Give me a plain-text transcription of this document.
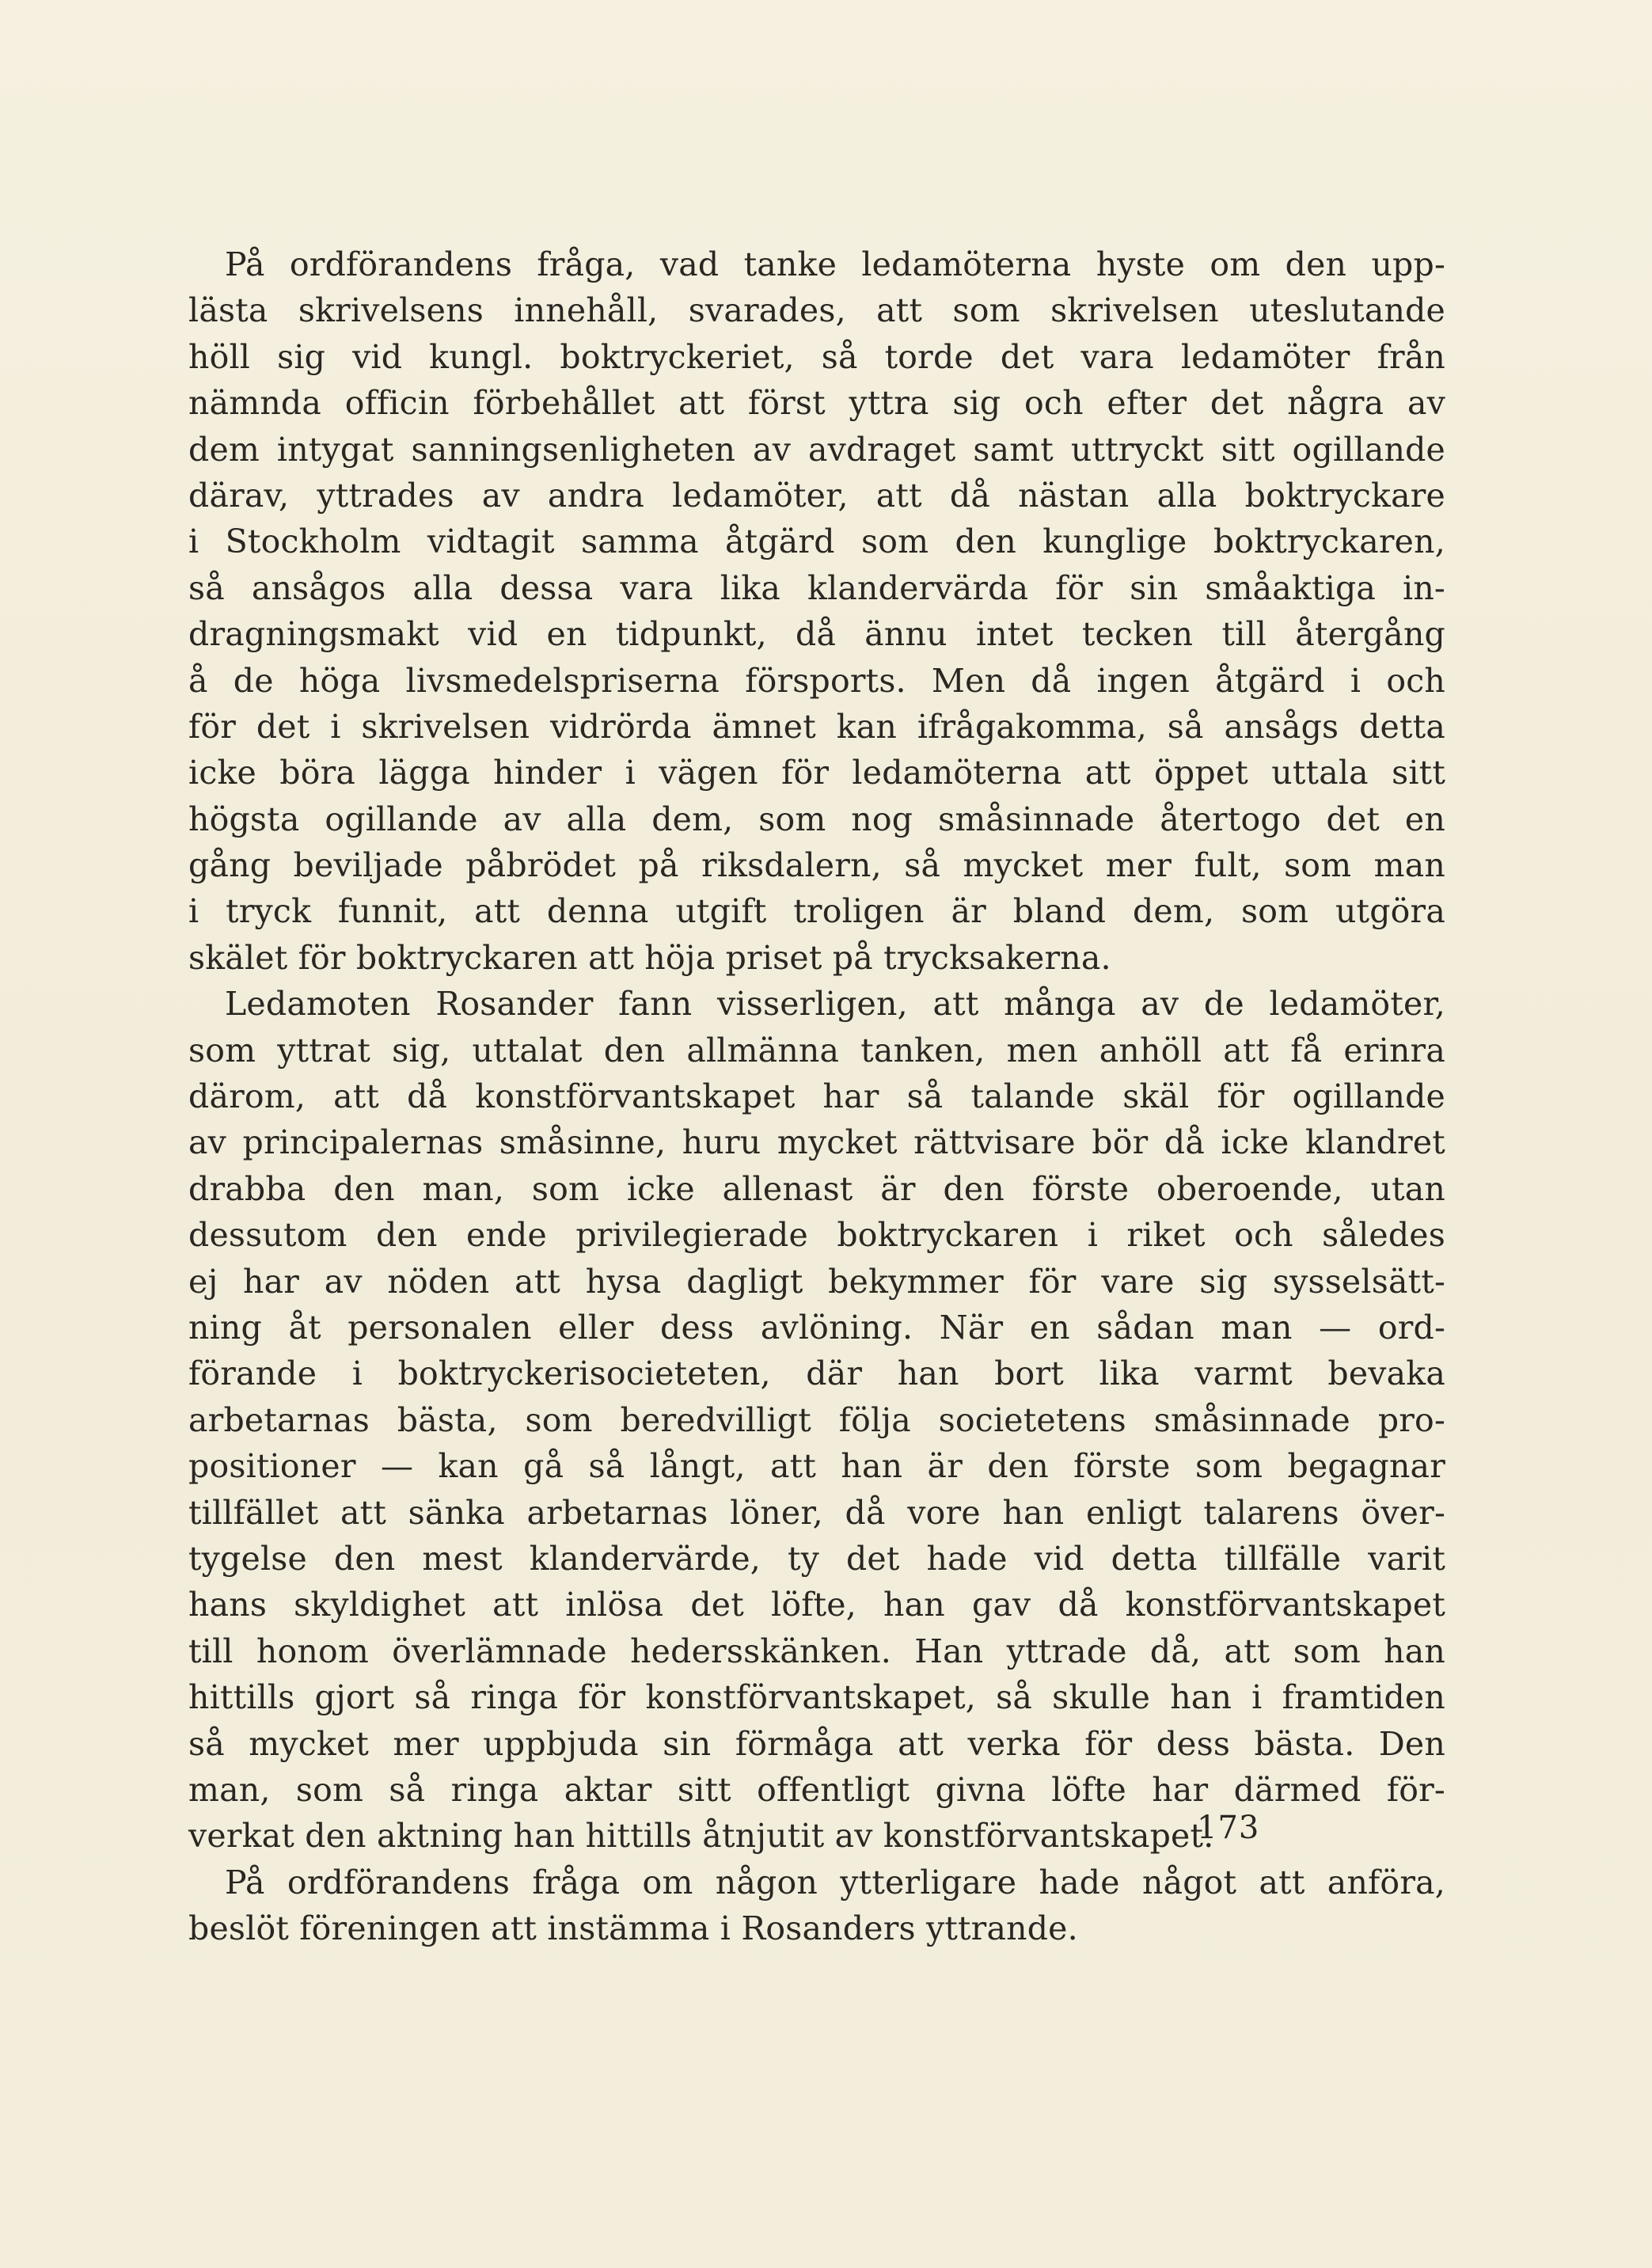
På ordförandens fråga, vad tanke ledamöterna hyste om den upp-
lästa skrivelsens innehåll, svarades, att som skrivelsen uteslutande
höll sig vid kungl. boktryckeriet, så torde det vara ledamöter från
nämnda officin förbehållet att först yttra sig och efter det några av
dem intygat sanningsenligheten av avdraget samt uttryckt sitt ogillande
därav, yttrades av andra ledamöter, att då nästan alla boktryckare
i Stockholm vidtagit samma åtgärd som den kunglige boktryckaren,
så ansågos alla dessa vara lika klandervärda för sin småaktiga in-
dragningsmakt vid en tidpunkt, då ännu intet tecken till återgång
å de höga livsmedelspriserna försports. Men då ingen åtgärd i och
för det i skrivelsen vidrörda ämnet kan ifrågakomma, så ansågs detta
icke böra lägga hinder i vägen för ledamöterna att öppet uttala sitt
högsta ogillande av alla dem, som nog småsinnade återtogo det en
gång beviljade påbrödet på riksdalern, så mycket mer fult, som man
i tryck funnit, att denna utgift troligen är bland dem, som utgöra
skälet för boktryckaren att höja priset på trycksakerna.
Ledamoten Rosander fann visserligen, att många av de ledamöter,
som yttrat sig, uttalat den allmänna tanken, men anhöll att få erinra
därom, att då konstförvantskapet har så talande skäl för ogillande
av principalernas småsinne, huru mycket rättvisare bör då icke klandret
drabba den man, som icke allenast är den förste oberoende, utan
dessutom den ende privilegierade boktryckaren i riket och således
ej har av nöden att hysa dagligt bekymmer för vare sig sysselsätt-
ning åt personalen eller dess avlöning. När en sådan man — ord-
förande i boktryckerisocieteten, där han bort lika varmt bevaka
arbetarnas bästa, som beredvilligt följa societetens småsinnade pro-
positioner — kan gå så långt, att han är den förste som begagnar
tillfället att sänka arbetarnas löner, då vore han enligt talarens över-
tygelse den mest klandervärde, ty det hade vid detta tillfälle varit
hans skyldighet att inlösa det löfte, han gav då konstförvantskapet
till honom överlämnade hedersskänken. Han yttrade då, att som han
hittills gjort så ringa för konstförvantskapet, så skulle han i framtiden
så mycket mer uppbjuda sin förmåga att verka för dess bästa. Den
man, som så ringa aktar sitt offentligt givna löfte har därmed för-
verkat den aktning han hittills åtnjutit av konstförvantskapet.
På ordförandens fråga om någon ytterligare hade något att anföra,
beslöt föreningen att instämma i Rosanders yttrande.
173
